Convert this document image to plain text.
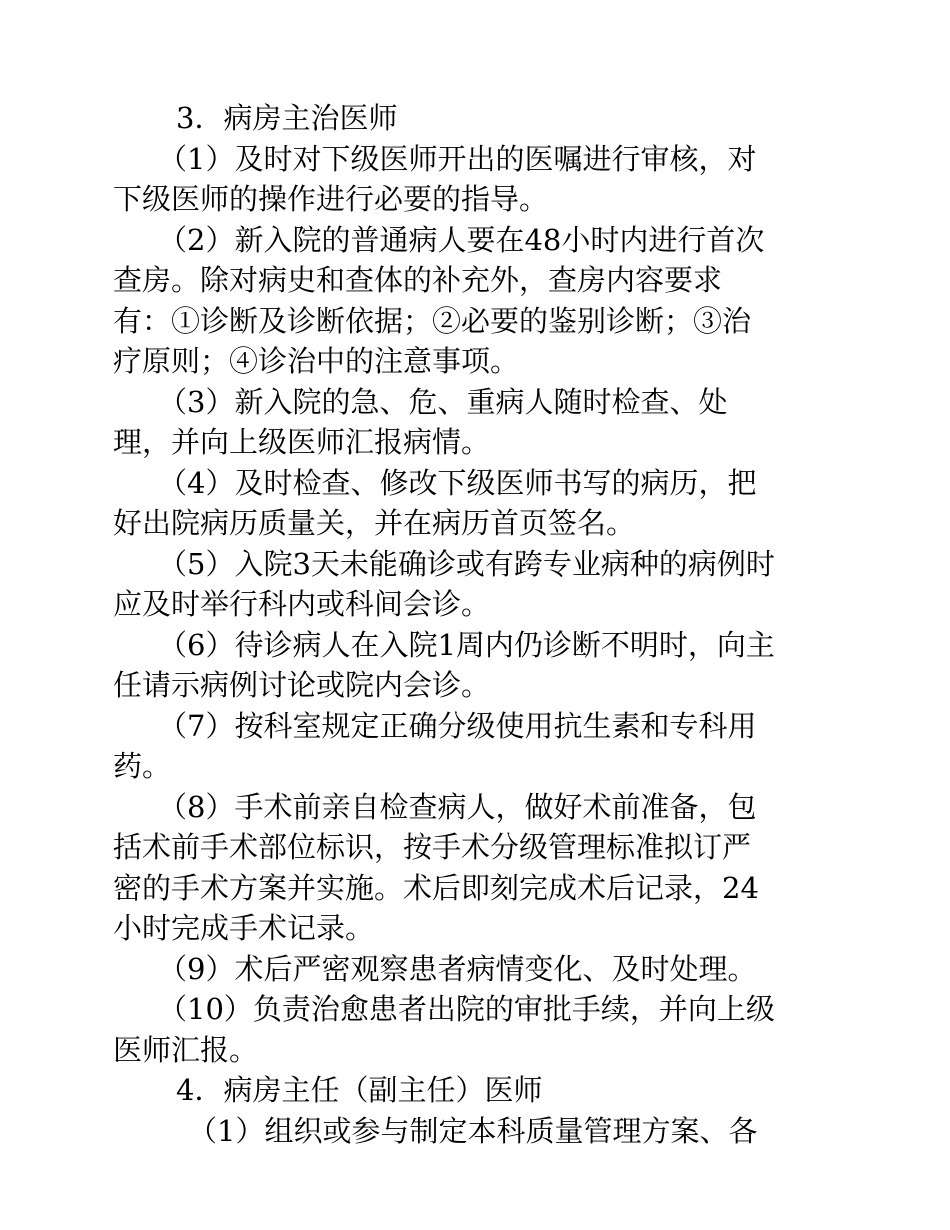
3．病房主治医师
（1）及时对下级医师开出的医嘱进行审核，对
下级医师的操作进行必要的指导。
（2）新入院的普通病人要在48小时内进行首次
查房。除对病史和查体的补充外，查房内容要求
有：①诊断及诊断依据；②必要的鉴别诊断；③治
疗原则；④诊治中的注意事项。
（3）新入院的急、危、重病人随时检查、处
理，并向上级医师汇报病情。
（4）及时检查、修改下级医师书写的病历，把
好出院病历质量关，并在病历首页签名。
（5）入院3天未能确诊或有跨专业病种的病例时
应及时举行科内或科间会诊。
（6）待诊病人在入院1周内仍诊断不明时，向主
任请示病例讨论或院内会诊。
（7）按科室规定正确分级使用抗生素和专科用
药。
（8）手术前亲自检查病人，做好术前准备，包
括术前手术部位标识，按手术分级管理标准拟订严
密的手术方案并实施。术后即刻完成术后记录，24
小时完成手术记录。
（9）术后严密观察患者病情变化、及时处理。
（10）负责治愈患者出院的审批手续，并向上级
医师汇报。
4．病房主任（副主任）医师
（1）组织或参与制定本科质量管理方案、各
